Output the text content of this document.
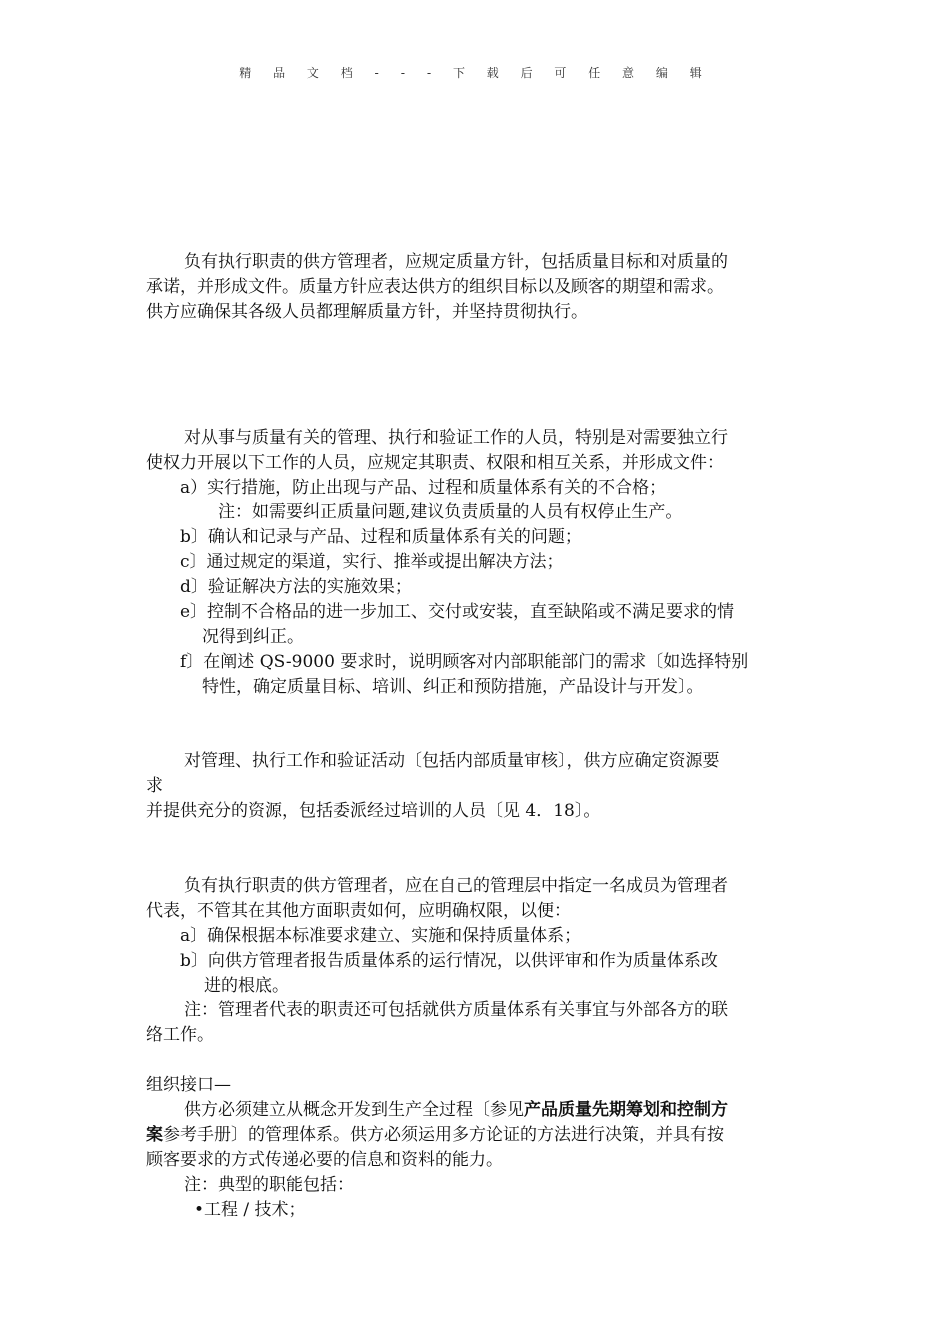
精 品 文 档 - - - 下 载 后 可 任 意 编 辑

负有执行职责的供方管理者，应规定质量方针，包括质量目标和对质量的

承诺，并形成文件。质量方针应表达供方的组织目标以及顾客的期望和需求。

供方应确保其各级人员都理解质量方针，并坚持贯彻执行。

对从事与质量有关的管理、执行和验证工作的人员，特别是对需要独立行

使权力开展以下工作的人员，应规定其职责、权限和相互关系，并形成文件：

a）实行措施，防止出现与产品、过程和质量体系有关的不合格；

注：如需要纠正质量问题,建议负责质量的人员有权停止生产。

b〕确认和记录与产品、过程和质量体系有关的问题；

c〕通过规定的渠道，实行、推举或提出解决方法；

d〕验证解决方法的实施效果；

e〕控制不合格品的进一步加工、交付或安装，直至缺陷或不满足要求的情

况得到纠正。

f〕在阐述 QS-9000 要求时，说明顾客对内部职能部门的需求〔如选择特别

特性，确定质量目标、培训、纠正和预防措施，产品设计与开发〕。

对管理、执行工作和验证活动〔包括内部质量审核〕，供方应确定资源要

求

并提供充分的资源，包括委派经过培训的人员〔见 4．18〕。

负有执行职责的供方管理者，应在自己的管理层中指定一名成员为管理者

代表，不管其在其他方面职责如何，应明确权限，以便：

a〕确保根据本标准要求建立、实施和保持质量体系；

b〕向供方管理者报告质量体系的运行情况，以供评审和作为质量体系改

进的根底。

注：管理者代表的职责还可包括就供方质量体系有关事宜与外部各方的联

络工作。

组织接口—

供方必须建立从概念开发到生产全过程〔参见产品质量先期筹划和控制方

案参考手册〕的管理体系。供方必须运用多方论证的方法进行决策，并具有按

顾客要求的方式传递必要的信息和资料的能力。

注：典型的职能包括：

•工程 / 技术；
